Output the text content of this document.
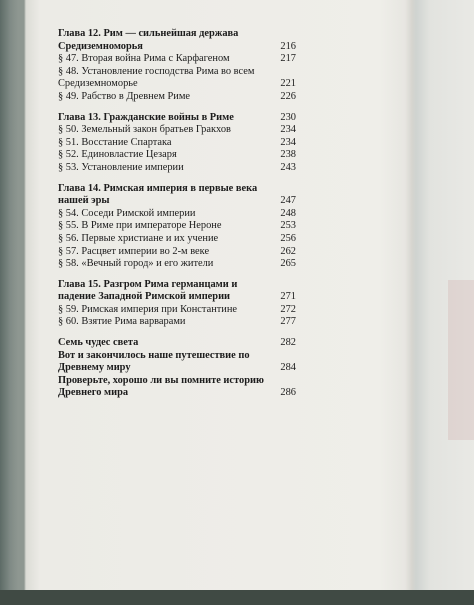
Глава 12. Рим — сильнейшая держава Средиземноморья	216
§ 47. Вторая война Рима с Карфагеном	217
§ 48. Установление господства Рима во всем Средиземноморье	221
§ 49. Рабство в Древнем Риме	226
Глава 13. Гражданские войны в Риме	230
§ 50. Земельный закон братьев Гракхов	234
§ 51. Восстание Спартака	234
§ 52. Единовластие Цезаря	238
§ 53. Установление империи	243
Глава 14. Римская империя в первые века нашей эры	247
§ 54. Соседи Римской империи	248
§ 55. В Риме при императоре Нероне	253
§ 56. Первые христиане и их учение	256
§ 57. Расцвет империи во 2-м веке	262
§ 58. «Вечный город» и его жители	265
Глава 15. Разгром Рима германцами и падение Западной Римской империи	271
§ 59. Римская империя при Константине	272
§ 60. Взятие Рима варварами	277
Семь чудес света	282
Вот и закончилось наше путешествие по Древнему миру	284
Проверьте, хорошо ли вы помните историю Древнего мира	286
